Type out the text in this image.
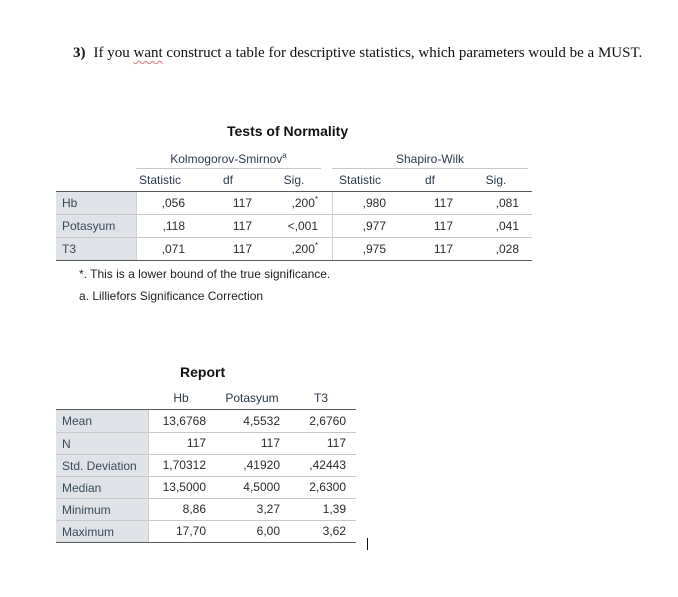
3) If you want construct a table for descriptive statistics, which parameters would be a MUST.
Tests of Normality
Kolmogorov-Smirnov$^a$	Shapiro-Wilk
Statistic	df	Sig.	Statistic	df	Sig.
Hb	,056	117	,200*	,980	117	,081
Potasyum	,118	117	<,001	,977	117	,041
T3	,071	117	,200*	,975	117	,028
*. This is a lower bound of the true significance.
a. Lilliefors Significance Correction
Report
Hb	Potasyum	T3
Mean	13,6768	4,5532	2,6760
N	117	117	117
Std. Deviation	1,70312	,41920	,42443
Median	13,5000	4,5000	2,6300
Minimum	8,86	3,27	1,39
Maximum	17,70	6,00	3,62
